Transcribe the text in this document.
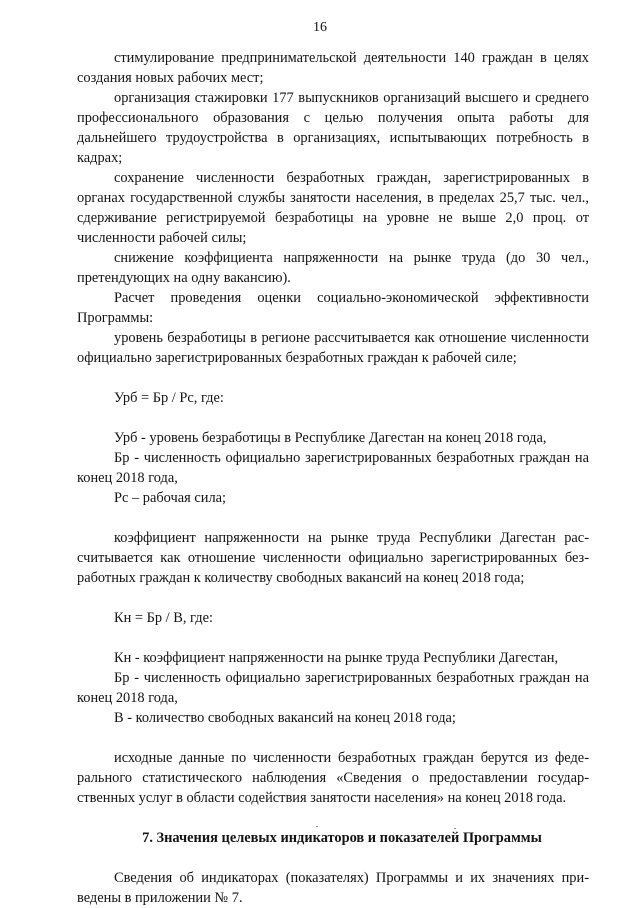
16

стимулирование предпринимательской деятельности 140 граждан в целях создания новых рабочих мест;

организация стажировки 177 выпускников организаций высшего и среднего профессионального образования с целью получения опыта работы для дальнейшего трудоустройства в организациях, испытывающих потребность в кадрах;

сохранение численности безработных граждан, зарегистрированных в органах государственной службы занятости населения, в пределах 25,7 тыс. чел., сдерживание регистрируемой безработицы на уровне не выше 2,0 проц. от численности рабочей силы;

снижение коэффициента напряженности на рынке труда (до 30 чел., претендующих на одну вакансию).

Расчет проведения оценки социально-экономической эффективности Программы:

уровень безработицы в регионе рассчитывается как отношение численности официально зарегистрированных безработных граждан к рабочей силе;

Урб = Бр / Рс, где:

Урб - уровень безработицы в Республике Дагестан на конец 2018 года,

Бр - численность официально зарегистрированных безработных граждан на конец 2018 года,

Рс – рабочая сила;

коэффициент напряженности на рынке труда Республики Дагестан рассчитывается как отношение численности официально зарегистрированных безработных граждан к количеству свободных вакансий на конец 2018 года;

Кн = Бр / В, где:

Кн - коэффициент напряженности на рынке труда Республики Дагестан,

Бр - численность официально зарегистрированных безработных граждан на конец 2018 года,

В - количество свободных вакансий на конец 2018 года;

исходные данные по численности безработных граждан берутся из федерального статистического наблюдения «Сведения о предоставлении государственных услуг в области содействия занятости населения» на конец 2018 года.

7. Значения целевых индикаторов и показателей Программы

Сведения об индикаторах (показателях) Программы и их значениях приведены в приложении № 7.
